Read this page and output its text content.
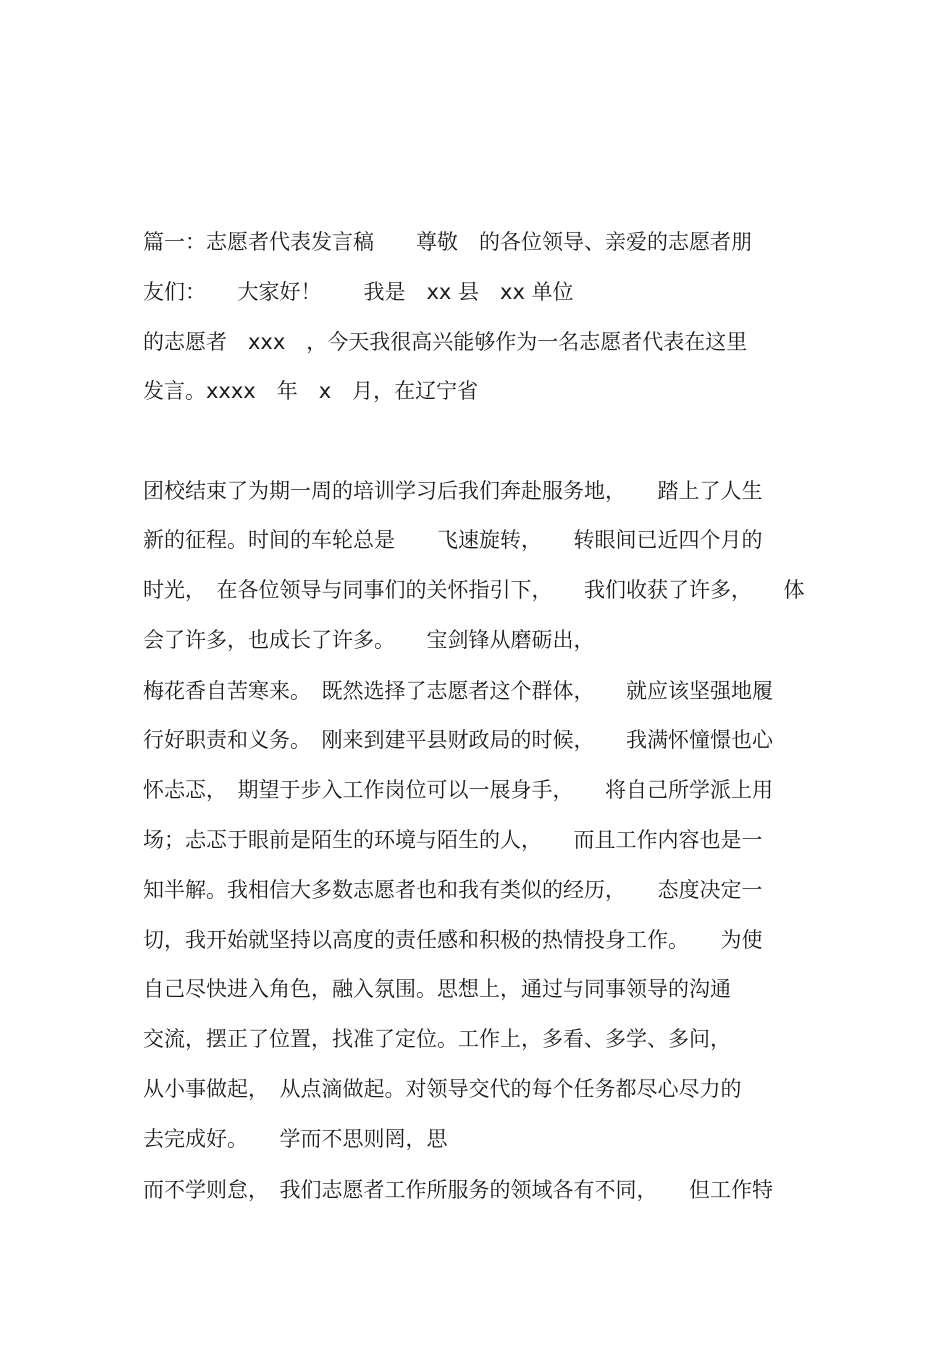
篇一：志愿者代表发言稿　　尊敬　的各位领导、亲爱的志愿者朋

友们：　　大家好！　　我是　xx 县　xx 单位

的志愿者　xxx　，今天我很高兴能够作为一名志愿者代表在这里

发言。xxxx　年　x　月，在辽宁省

团校结束了为期一周的培训学习后我们奔赴服务地，　　踏上了人生

新的征程。时间的车轮总是　　飞速旋转，　　转眼间已近四个月的

时光，　在各位领导与同事们的关怀指引下，　　我们收获了许多，　　体

会了许多，也成长了许多。　　宝剑锋从磨砺出，

梅花香自苦寒来。　既然选择了志愿者这个群体，　　就应该坚强地履

行好职责和义务。　刚来到建平县财政局的时候，　　我满怀憧憬也心

怀忐忑，　期望于步入工作岗位可以一展身手，　　将自己所学派上用

场；忐忑于眼前是陌生的环境与陌生的人，　　而且工作内容也是一

知半解。我相信大多数志愿者也和我有类似的经历，　　态度决定一

切，我开始就坚持以高度的责任感和积极的热情投身工作。　　为使

自己尽快进入角色，融入氛围。思想上，通过与同事领导的沟通

交流，摆正了位置，找准了定位。工作上，多看、多学、多问，

从小事做起，　从点滴做起。对领导交代的每个任务都尽心尽力的

去完成好。　　学而不思则罔，思

而不学则怠，　我们志愿者工作所服务的领域各有不同，　　但工作特
